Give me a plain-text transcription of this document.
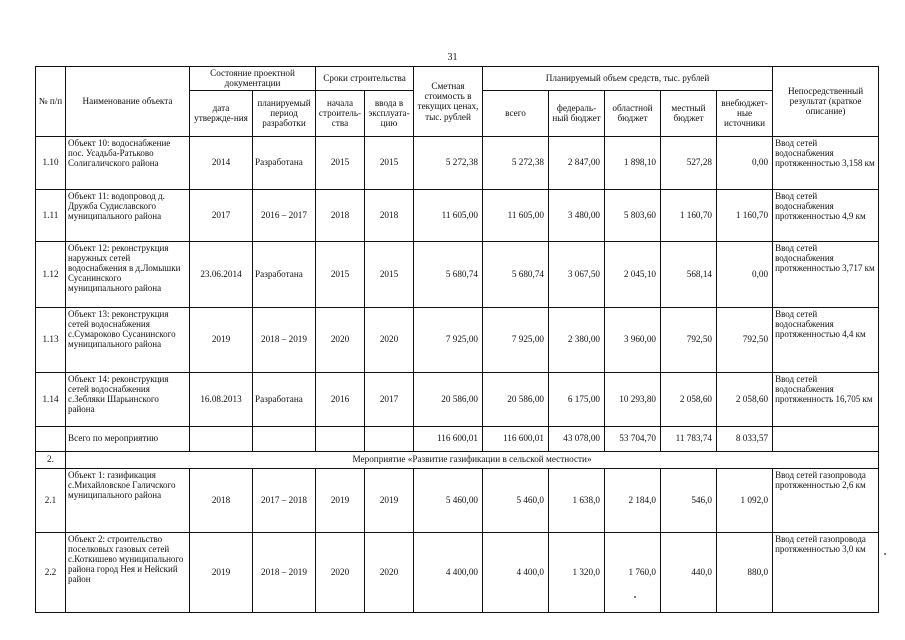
31
№ п/п	Наименование объекта	Состояние проектной документации		Сроки строительства		Сметная стоимость в текущих ценах, тыс. рублей	Планируемый объем средств, тыс. рублей					Непосредственный результат (краткое описание)
		дата утвержде-ния	планируемый период разработки	начала строитель-ства	ввода в эксплуата-цию		всего	федераль-ный бюджет	областной бюджет	местный бюджет	внебюджет-ные источники	
1.10	Объект 10: водоснабжение пос. Усадьба-Ратьково Солигаличского района	2014	Разработана	2015	2015	5 272,38	5 272,38	2 847,00	1 898,10	527,28	0,00	Ввод сетей водоснабжения протяженностью 3,158 км
1.11	Объект 11: водопровод д. Дружба Судиславского муниципального района	2017	2016 – 2017	2018	2018	11 605,00	11 605,00	3 480,00	5 803,60	1 160,70	1 160,70	Ввод сетей водоснабжения протяженностью 4,9 км
1.12	Объект 12: реконструкция наружных сетей водоснабжения в д.Ломышки Сусанинского муниципального района	23.06.2014	Разработана	2015	2015	5 680,74	5 680,74	3 067,50	2 045,10	568,14	0,00	Ввод сетей водоснабжения протяженностью 3,717 км
1.13	Объект 13: реконструкция сетей водоснабжения с.Сумароково Сусанинского муниципального района	2019	2018 – 2019	2020	2020	7 925,00	7 925,00	2 380,00	3 960,00	792,50	792,50	Ввод сетей водоснабжения протяженностью 4,4 км
1.14	Объект 14: реконструкция сетей водоснабжения с.Зебляки Шарьинского района	16.08.2013	Разработана	2016	2017	20 586,00	20 586,00	6 175,00	10 293,80	2 058,60	2 058,60	Ввод сетей водоснабжения протяженность 16,705 км
	Всего по мероприятию					116 600,01	116 600,01	43 078,00	53 704,70	11 783,74	8 033,57	
2.	Мероприятие «Развитие газификации в сельской местности»											
2.1	Объект 1: газификация с.Михайловское Галичского муниципального района	2018	2017 – 2018	2019	2019	5 460,00	5 460,0	1 638,0	2 184,0	546,0	1 092,0	Ввод сетей газопровода протяженностью 2,6 км
2.2	Объект 2: строительство поселковых газовых сетей с.Коткишево муниципального района город Нея и Нейский район	2019	2018 – 2019	2020	2020	4 400,00	4 400,0	1 320,0	1 760,0	440,0	880,0	Ввод сетей газопровода протяженностью 3,0 км
